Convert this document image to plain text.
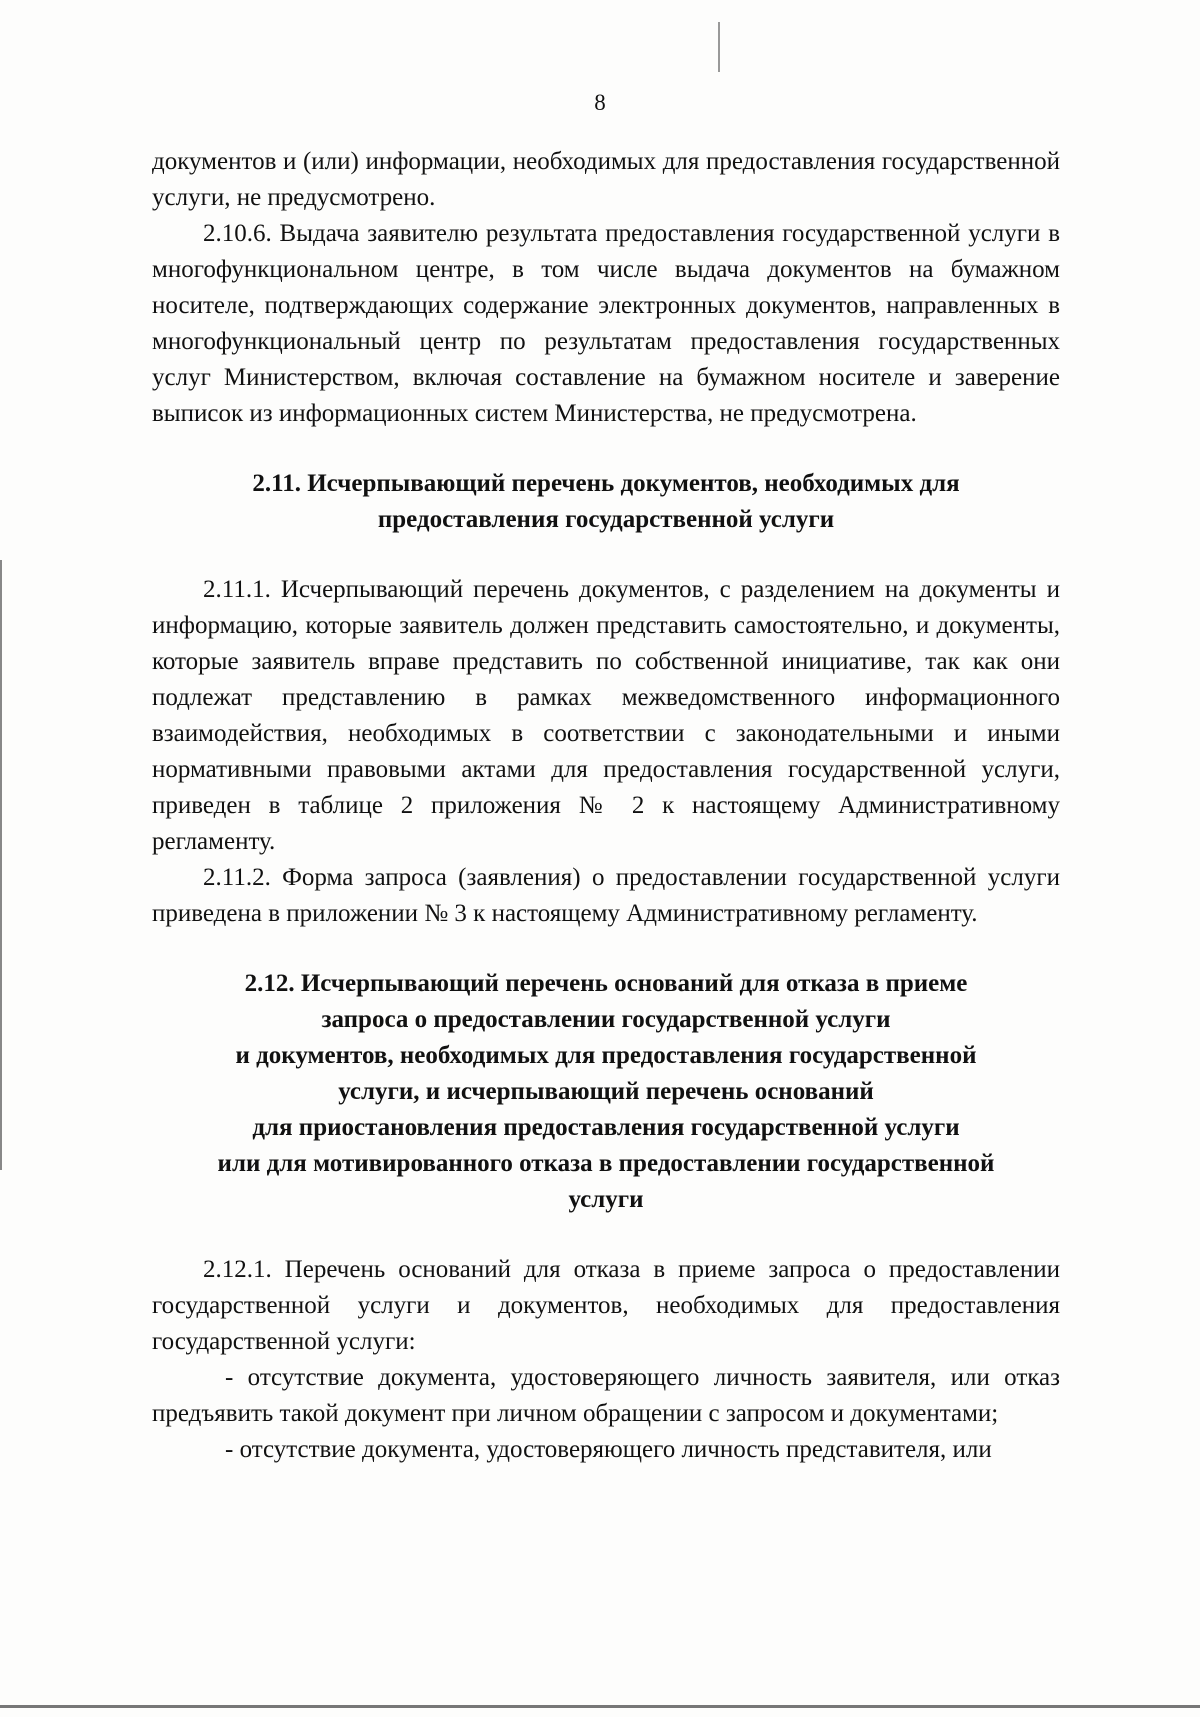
8

документов и (или) информации, необходимых для предоставления государственной услуги, не предусмотрено.

2.10.6. Выдача заявителю результата предоставления государственной услуги в многофункциональном центре, в том числе выдача документов на бумажном носителе, подтверждающих содержание электронных документов, направленных в многофункциональный центр по результатам предоставления государственных услуг Министерством, включая составление на бумажном носителе и заверение выписок из информационных систем Министерства, не предусмотрена.

2.11. Исчерпывающий перечень документов, необходимых для
предоставления государственной услуги

2.11.1. Исчерпывающий перечень документов, с разделением на документы и информацию, которые заявитель должен представить самостоятельно, и документы, которые заявитель вправе представить по собственной инициативе, так как они подлежат представлению в рамках межведомственного информационного взаимодействия, необходимых в соответствии с законодательными и иными нормативными правовыми актами для предоставления государственной услуги, приведен в таблице 2 приложения № 2 к настоящему Административному регламенту.

2.11.2. Форма запроса (заявления) о предоставлении государственной услуги приведена в приложении № 3 к настоящему Административному регламенту.

2.12. Исчерпывающий перечень оснований для отказа в приеме
запроса о предоставлении государственной услуги
и документов, необходимых для предоставления государственной
услуги, и исчерпывающий перечень оснований
для приостановления предоставления государственной услуги
или для мотивированного отказа в предоставлении государственной
услуги

2.12.1. Перечень оснований для отказа в приеме запроса о предоставлении государственной услуги и документов, необходимых для предоставления государственной услуги:

- отсутствие документа, удостоверяющего личность заявителя, или отказ предъявить такой документ при личном обращении с запросом и документами;

- отсутствие документа, удостоверяющего личность представителя, или
